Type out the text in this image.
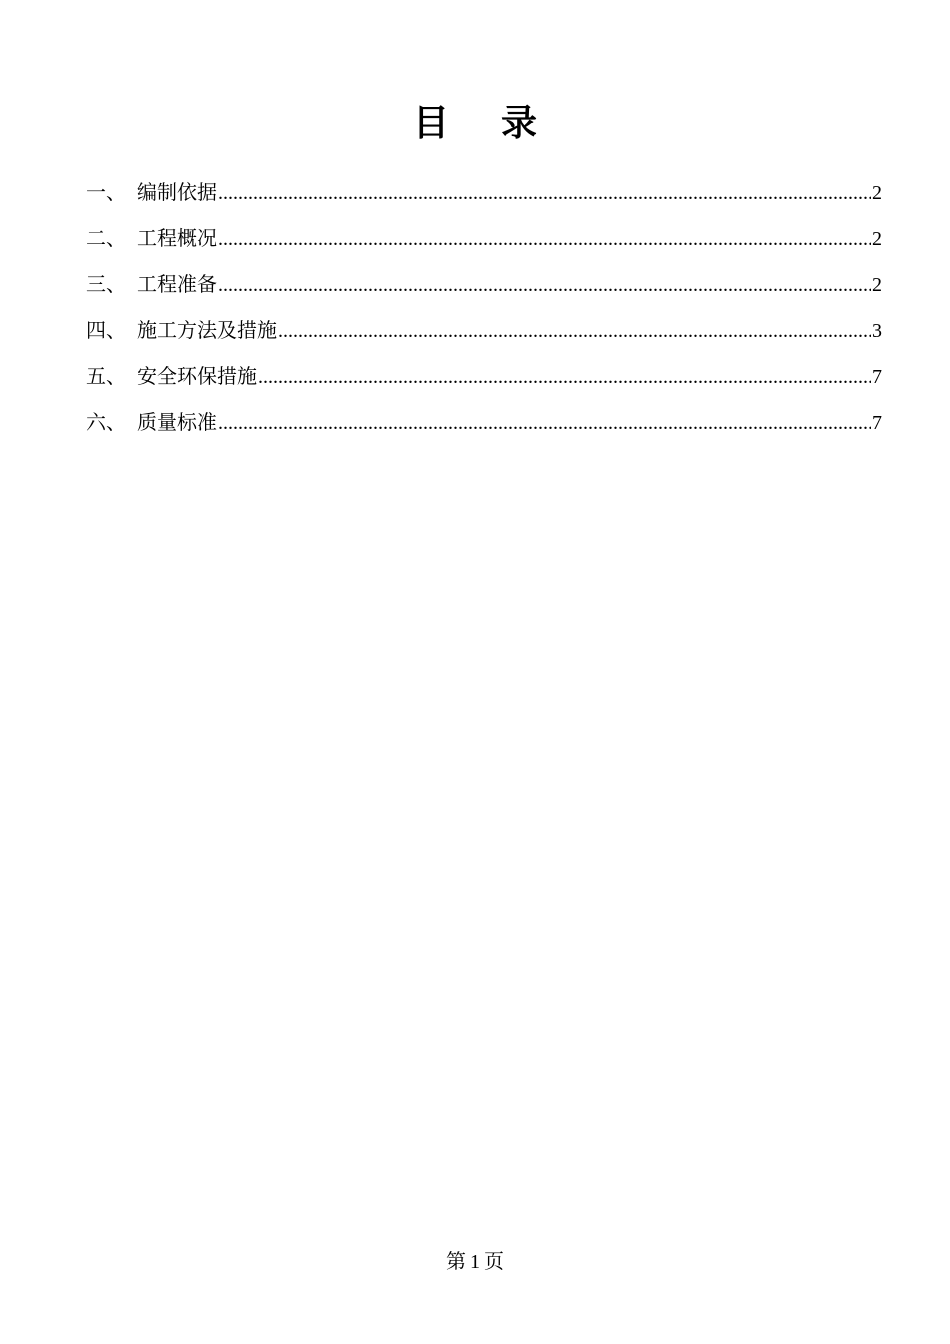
目 录
一、 编制依据 .....	2
二、 工程概况 .....	2
三、 工程准备 .....	2
四、 施工方法及措施 .....	3
五、 安全环保措施 .....	7
六、 质量标准 .....	7
第 1 页
